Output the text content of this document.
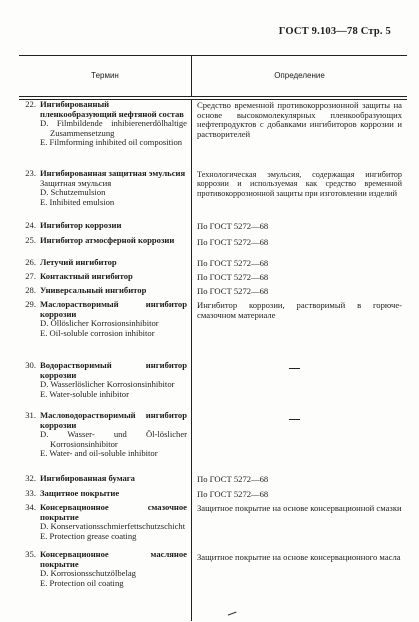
ГОСТ 9.103—78 Стр. 5
Термин	Определение
22. Ингибированный пленкообразующий нефтяной состав
D. Filmbildende inhibierenerdölhaltige Zusammensetzung
E. Filmforming inhibited oil composition
Средство временной противокоррозионной защиты на основе высокомолекулярных пленкообразующих нефтепродуктов с добавками ингибиторов коррозии и растворителей
23. Ингибированная защитная эмульсия
Защитная эмульсия
D. Schutzemulsion
E. Inhibited emulsion
Технологическая эмульсия, содержащая ингибитор коррозии и используемая как средство временной противокоррозионной защиты при изготовлении изделий
24. Ингибитор коррозии	По ГОСТ 5272—68
25. Ингибитор атмосферной коррозии	По ГОСТ 5272—68
26. Летучий ингибитор	По ГОСТ 5272—68
27. Контактный ингибитор	По ГОСТ 5272—68
28. Универсальный ингибитор	По ГОСТ 5272—68
29. Маслорастворимый ингибитор коррозии
D. Öllöslicher Korrosionsinhibitor
E. Oil-soluble corrosion inhibitor
Ингибитор коррозии, растворимый в горюче-смазочном материале
30. Водорастворимый ингибитор коррозии
D. Wasserlöslicher Korrosionsinhibitor
E. Water-soluble inhibitor
31. Масловодорастворимый ингибитор коррозии
D. Wasser- und Öl-löslicher Korrosionsinhibitor
E. Water- and oil-soluble inhibitor
32. Ингибированная бумага	По ГОСТ 5272—68
33. Защитное покрытие	По ГОСТ 5272—68
34. Консервационное смазочное покрытие
D. Konservationsschmierfettschutzschicht
E. Protection grease coating
Защитное покрытие на основе консервационной смазки
35. Консервационное масляное покрытие
D. Korrosionsschutzölbelag
E. Protection oil coating
Защитное покрытие на основе консервационного масла
